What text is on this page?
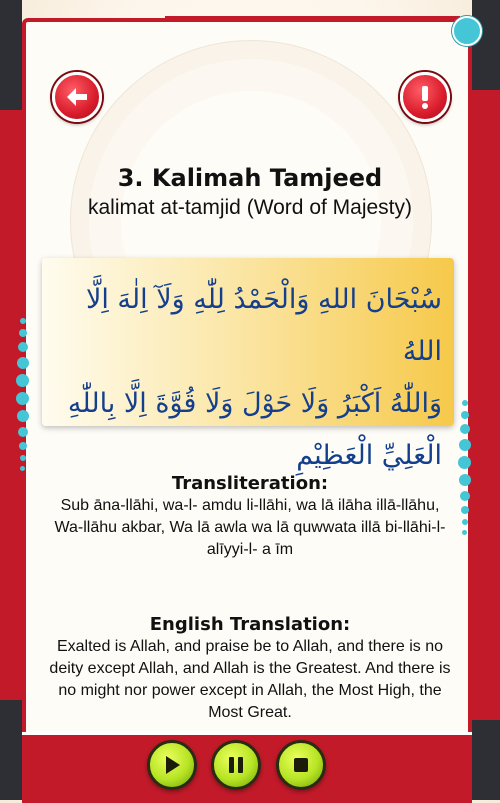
3. Kalimah Tamjeed
kalimat at-tamjid (Word of Majesty)
سُبْحَانَ اللهِ وَالْحَمْدُ لِلّٰهِ وَلَآ اِلٰهَ اِلَّا اللهُ
وَاللّٰهُ اَكْبَرُ وَلَا حَوْلَ وَلَا قُوَّةَ اِلَّا بِاللّٰهِ
الْعَلِيِّ الْعَظِيْمِ
Transliteration:
Sub āna-llāhi, wa-l- amdu li-llāhi, wa lā ilāha illā-llāhu, Wa-llāhu akbar, Wa lā awla wa lā quwwata illā bi-llāhi-l- alīyyi-l- a īm
English Translation:
Exalted is Allah, and praise be to Allah, and there is no deity except Allah, and Allah is the Greatest. And there is no might nor power except in Allah, the Most High, the Most Great.
